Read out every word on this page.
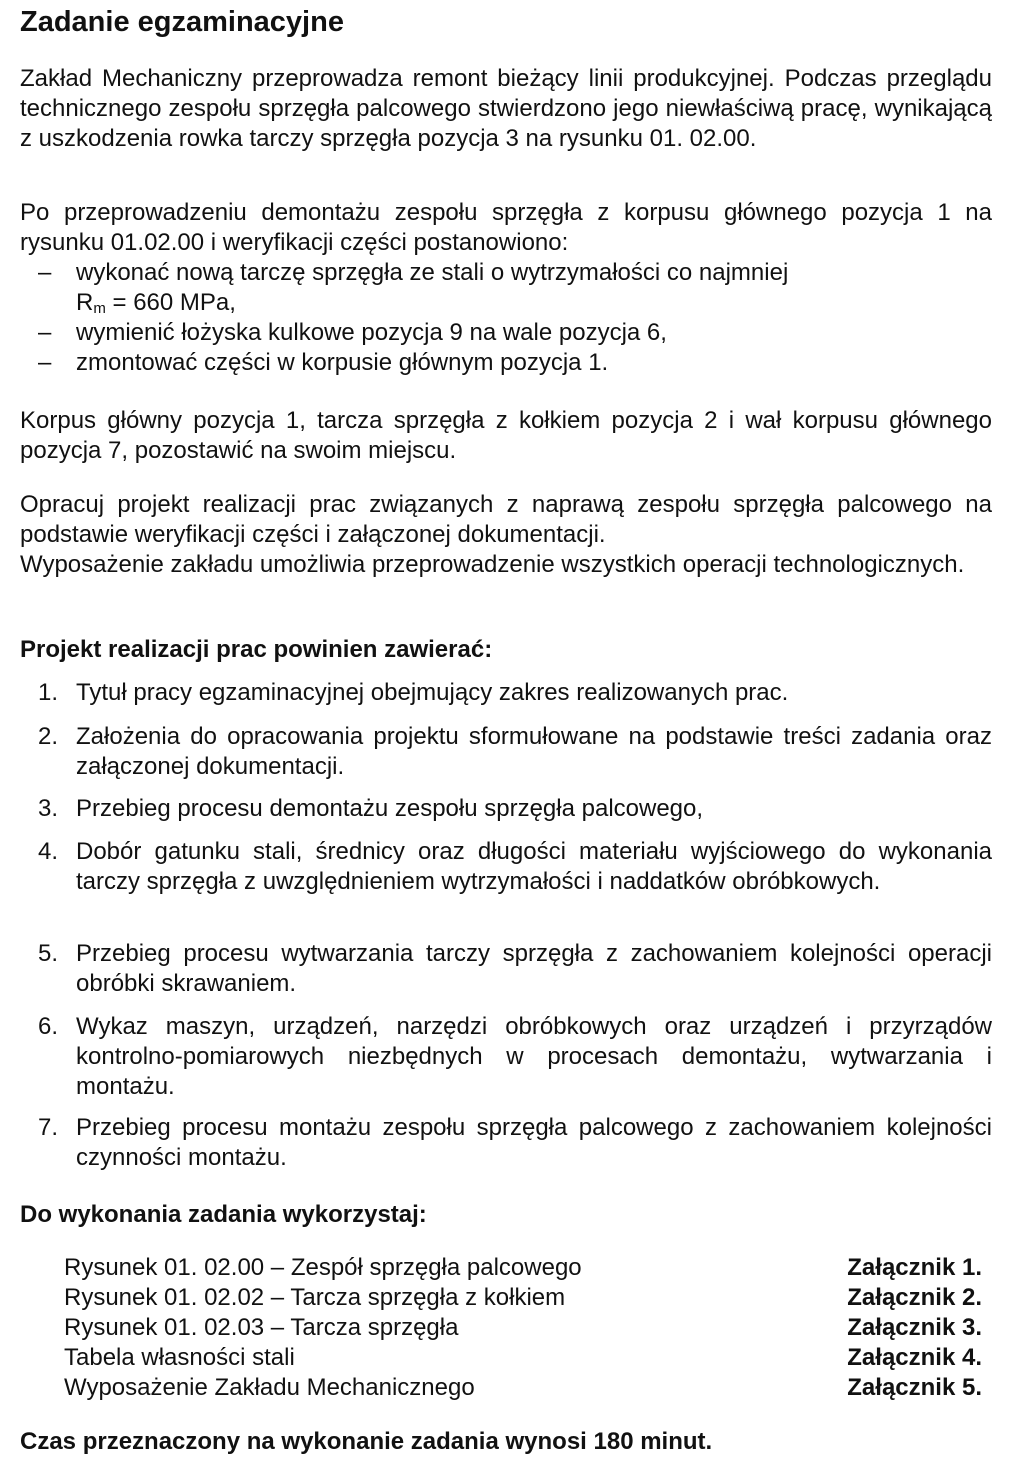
Zadanie egzaminacyjne
Zakład Mechaniczny przeprowadza remont bieżący linii produkcyjnej. Podczas przeglądu technicznego zespołu sprzęgła palcowego stwierdzono jego niewłaściwą pracę, wynikającą z uszkodzenia rowka tarczy sprzęgła pozycja 3 na rysunku 01. 02.00.
Po przeprowadzeniu demontażu zespołu sprzęgła z korpusu głównego pozycja 1 na rysunku 01.02.00 i weryfikacji części postanowiono:
– wykonać nową tarczę sprzęgła ze stali o wytrzymałości co najmniej
$R_m = 660$ MPa,
– wymienić łożyska kulkowe pozycja 9 na wale pozycja 6,
– zmontować części w korpusie głównym pozycja 1.
Korpus główny pozycja 1, tarcza sprzęgła z kołkiem pozycja 2 i wał korpusu głównego pozycja 7, pozostawić na swoim miejscu.
Opracuj projekt realizacji prac związanych z naprawą zespołu sprzęgła palcowego na podstawie weryfikacji części i załączonej dokumentacji.
Wyposażenie zakładu umożliwia przeprowadzenie wszystkich operacji technologicznych.
Projekt realizacji prac powinien zawierać:
1. Tytuł pracy egzaminacyjnej obejmujący zakres realizowanych prac.
2. Założenia do opracowania projektu sformułowane na podstawie treści zadania oraz załączonej dokumentacji.
3. Przebieg procesu demontażu zespołu sprzęgła palcowego,
4. Dobór gatunku stali, średnicy oraz długości materiału wyjściowego do wykonania tarczy sprzęgła z uwzględnieniem wytrzymałości i naddatków obróbkowych.
5. Przebieg procesu wytwarzania tarczy sprzęgła z zachowaniem kolejności operacji obróbki skrawaniem.
6. Wykaz maszyn, urządzeń, narzędzi obróbkowych oraz urządzeń i przyrządów kontrolno-pomiarowych niezbędnych w procesach demontażu, wytwarzania i montażu.
7. Przebieg procesu montażu zespołu sprzęgła palcowego z zachowaniem kolejności czynności montażu.
Do wykonania zadania wykorzystaj:
Rysunek 01. 02.00 – Zespół sprzęgła palcowego	Załącznik 1.
Rysunek 01. 02.02 – Tarcza sprzęgła z kołkiem	Załącznik 2.
Rysunek 01. 02.03 – Tarcza sprzęgła	Załącznik 3.
Tabela własności stali	Załącznik 4.
Wyposażenie Zakładu Mechanicznego	Załącznik 5.
Czas przeznaczony na wykonanie zadania wynosi 180 minut.
